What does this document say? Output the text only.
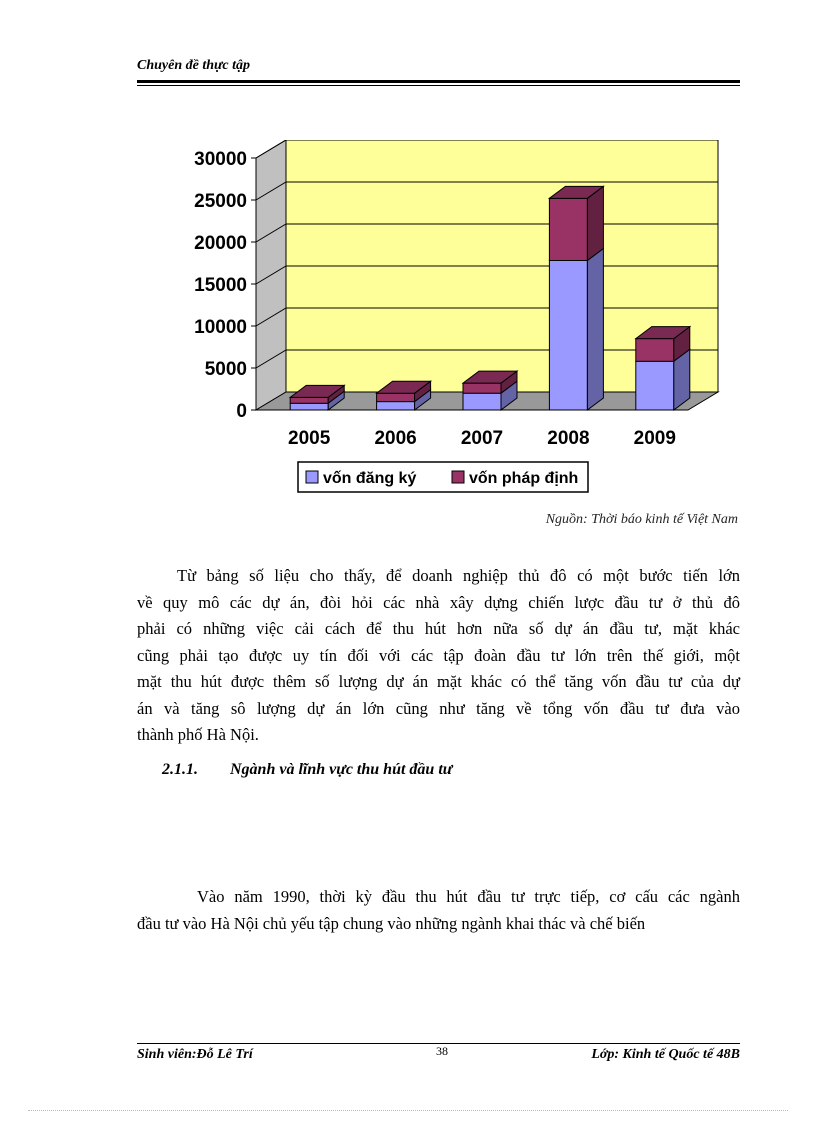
Chuyên đề thực tập
0
5000
10000
15000
20000
25000
30000
2005 2006 2007 2008 2009
vốn đăng ký	vốn pháp định
Nguồn: Thời báo kinh tế Việt Nam
Từ bảng số liệu cho thấy, để doanh nghiệp thủ đô có một bước tiến lớn
về quy mô các dự án, đòi hỏi các nhà xây dựng chiến lược đầu tư ở thủ đô
phải có những việc cải cách để thu hút hơn nữa số dự án đầu tư, mặt khác
cũng phải tạo được uy tín đối với các tập đoàn đầu tư lớn trên thế giới, một
mặt thu hút được thêm số lượng dự án mặt khác có thể tăng vốn đầu tư của dự
án và tăng sô lượng dự án lớn cũng như tăng về tổng vốn đầu tư đưa vào
thành phố Hà Nội.
2.1.1. Ngành và lĩnh vực thu hút đầu tư
Vào năm 1990, thời kỳ đầu thu hút đầu tư trực tiếp, cơ cấu các ngành
đầu tư vào Hà Nội chủ yếu tập chung vào những ngành khai thác và chế biến
Sinh viên:Đỗ Lê Trí	38	Lớp: Kinh tế Quốc tế 48B
